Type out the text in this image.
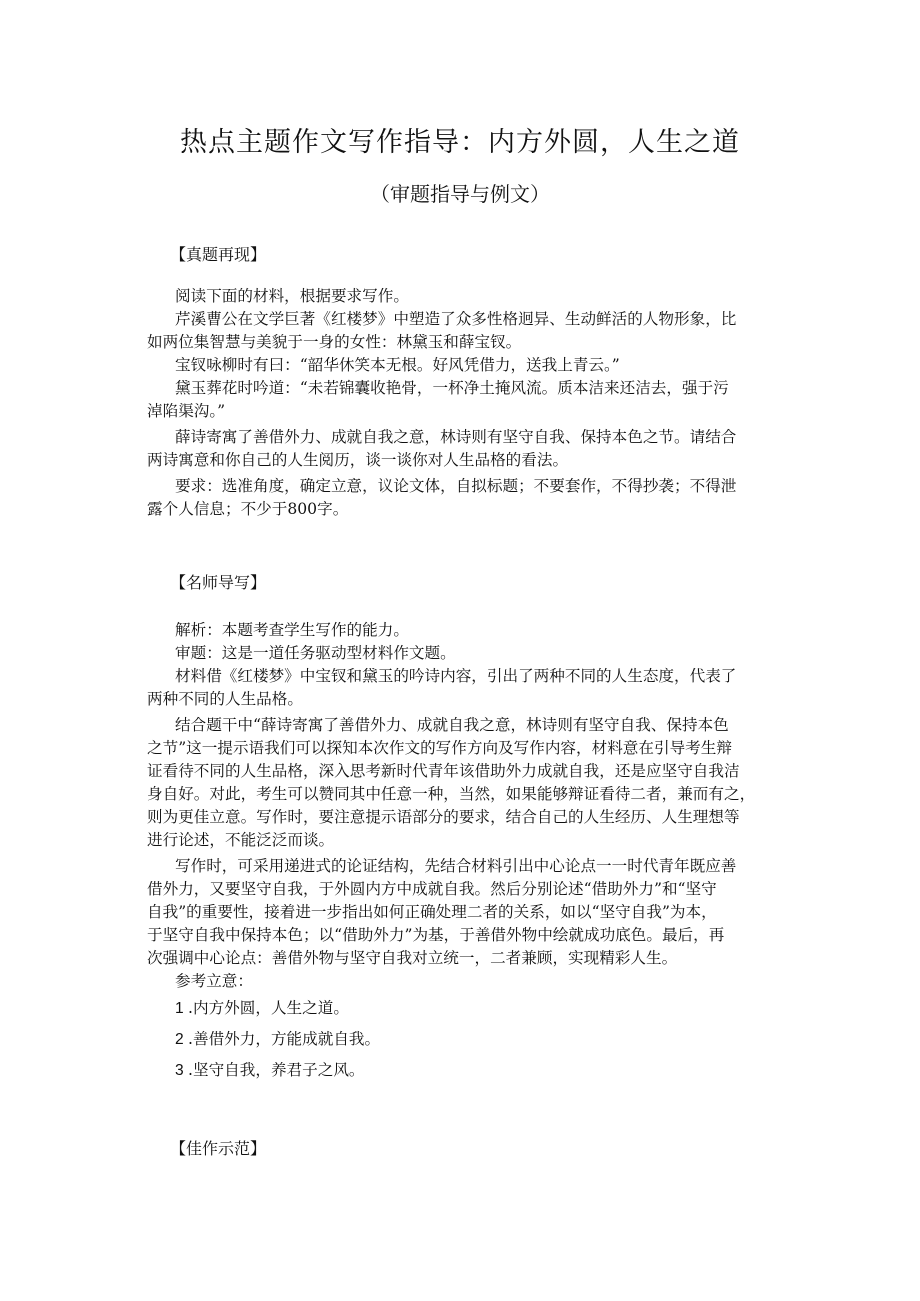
热点主题作文写作指导：内方外圆，人生之道
（审题指导与例文）
【真题再现】
阅读下面的材料，根据要求写作。
芹溪曹公在文学巨著《红楼梦》中塑造了众多性格迥异、生动鲜活的人物形象，比
如两位集智慧与美貌于一身的女性：林黛玉和薛宝钗。
宝钗咏柳时有曰：“韶华休笑本无根。好风凭借力，送我上青云。”
黛玉葬花时吟道：“未若锦囊收艳骨，一杯净土掩风流。质本洁来还洁去，强于污
淖陷渠沟。”
薛诗寄寓了善借外力、成就自我之意，林诗则有坚守自我、保持本色之节。请结合
两诗寓意和你自己的人生阅历，谈一谈你对人生品格的看法。
要求：选准角度，确定立意，议论文体，自拟标题；不要套作，不得抄袭；不得泄
露个人信息；不少于800字。
【名师导写】
解析：本题考查学生写作的能力。
审题：这是一道任务驱动型材料作文题。
材料借《红楼梦》中宝钗和黛玉的吟诗内容，引出了两种不同的人生态度，代表了
两种不同的人生品格。
结合题干中“薛诗寄寓了善借外力、成就自我之意，林诗则有坚守自我、保持本色
之节”这一提示语我们可以探知本次作文的写作方向及写作内容，材料意在引导考生辩
证看待不同的人生品格，深入思考新时代青年该借助外力成就自我，还是应坚守自我洁
身自好。对此，考生可以赞同其中任意一种，当然，如果能够辩证看待二者，兼而有之，
则为更佳立意。写作时，要注意提示语部分的要求，结合自己的人生经历、人生理想等
进行论述，不能泛泛而谈。
写作时，可采用递进式的论证结构，先结合材料引出中心论点一一时代青年既应善
借外力，又要坚守自我，于外圆内方中成就自我。然后分别论述“借助外力”和“坚守
自我”的重要性，接着进一步指出如何正确处理二者的关系，如以“坚守自我”为本，
于坚守自我中保持本色；以“借助外力”为基，于善借外物中绘就成功底色。最后，再
次强调中心论点：善借外物与坚守自我对立统一，二者兼顾，实现精彩人生。
参考立意：
1 .内方外圆，人生之道。
2 .善借外力，方能成就自我。
3 .坚守自我，养君子之风。
【佳作示范】
